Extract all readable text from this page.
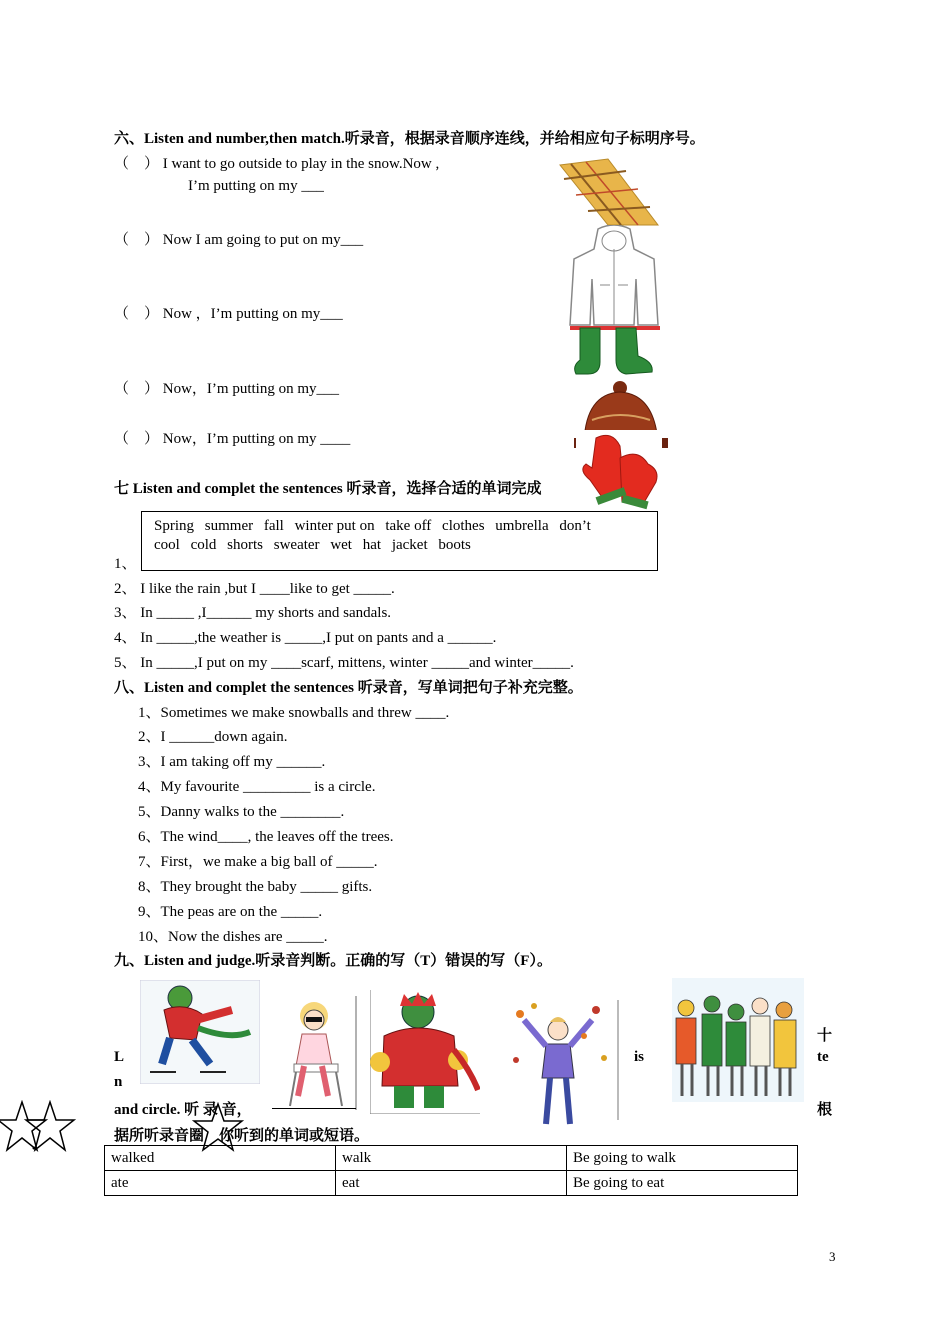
六、Listen and number,then match.听录音，根据录音顺序连线，并给相应句子标明序号。
（　） I want to go outside to play in the snow.Now ,
I’m putting on my ___
（　） Now I am going to put on my___
（　） Now ，I’m putting on my___
（　） Now，I’m putting on my___
（　） Now，I’m putting on my ____
七 Listen and complet the sentences 听录音，选择合适的单词完成
Spring summer fall winter put on take off clothes umbrella don’t
cool cold shorts sweater wet hat jacket boots
1、
2、 I like the rain ,but I ____like to get _____.
3、 In _____ ,I______ my shorts and sandals.
4、 In _____,the weather is _____,I put on pants and a ______.
5、 In _____,I put on my ____scarf, mittens, winter _____and winter_____.
八、Listen and complet the sentences 听录音，写单词把句子补充完整。
1、Sometimes we make snowballs and threw ____.
2、I ______down again.
3、I am taking off my ______.
4、My favourite _________ is a circle.
5、Danny walks to the ________.
6、The wind____, the leaves off the trees.
7、First，we make a big ball of _____.
8、They brought the baby _____ gifts.
9、The peas are on the _____.
10、Now the dishes are _____.
九、Listen and judge.听录音判断。正确的写（T）错误的写（F）。
L
n
is
十
te
and circle. 听 录 音，	根
据所听录音圈　你听到的单词或短语。
walked	walk	Be going to walk
ate	eat	Be going to eat
3
